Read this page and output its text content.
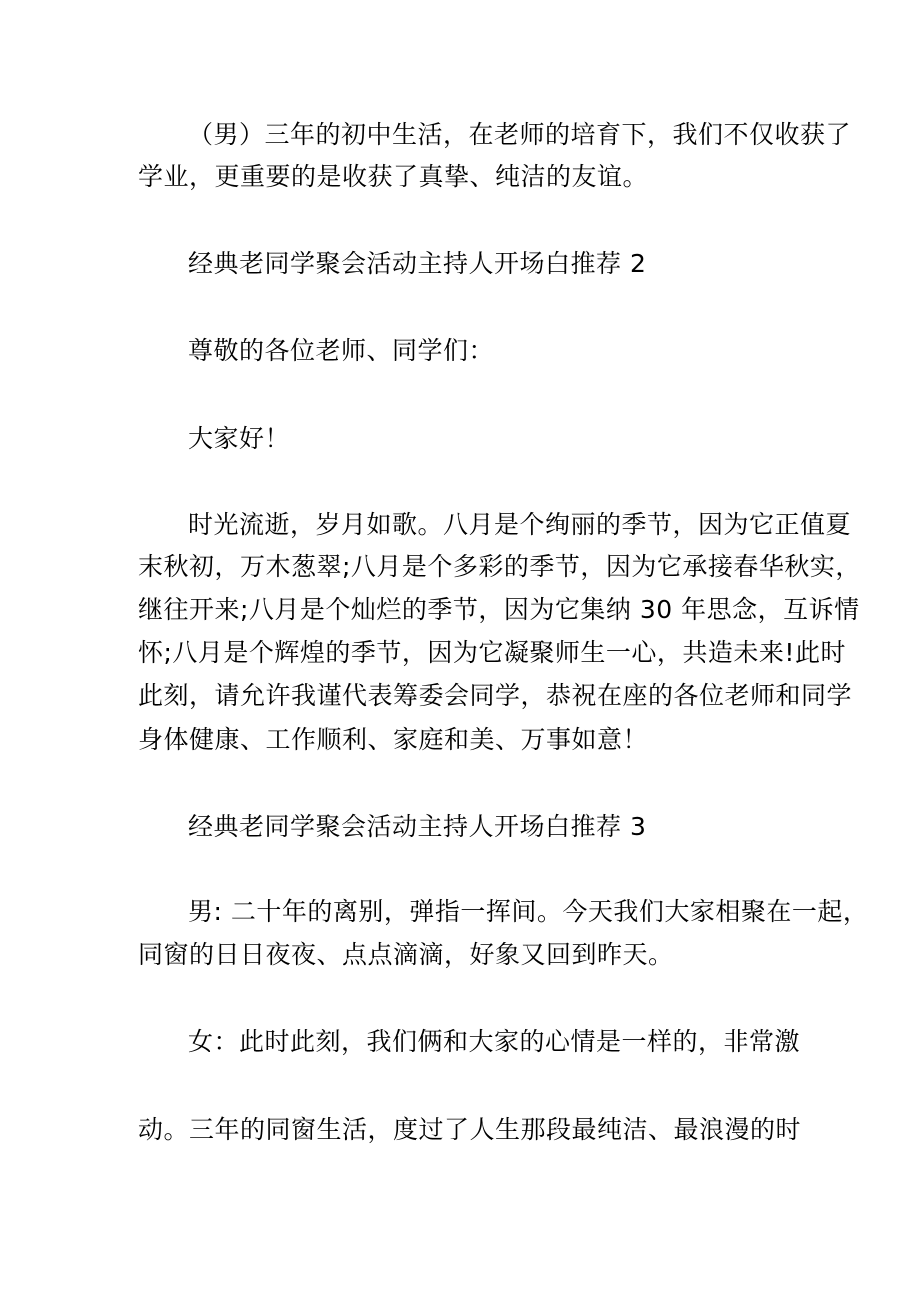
（男）三年的初中生活，在老师的培育下，我们不仅收获了
学业，更重要的是收获了真挚、纯洁的友谊。
经典老同学聚会活动主持人开场白推荐 2
尊敬的各位老师、同学们：
大家好！
时光流逝，岁月如歌。八月是个绚丽的季节，因为它正值夏
末秋初，万木葱翠;八月是个多彩的季节，因为它承接春华秋实，
继往开来;八月是个灿烂的季节，因为它集纳 30 年思念，互诉情
怀;八月是个辉煌的季节，因为它凝聚师生一心，共造未来!此时
此刻，请允许我谨代表筹委会同学，恭祝在座的各位老师和同学
身体健康、工作顺利、家庭和美、万事如意！
经典老同学聚会活动主持人开场白推荐 3
男: 二十年的离别，弹指一挥间。今天我们大家相聚在一起，
同窗的日日夜夜、点点滴滴，好象又回到昨天。
女：此时此刻，我们俩和大家的心情是一样的，非常激
动。三年的同窗生活，度过了人生那段最纯洁、最浪漫的时
